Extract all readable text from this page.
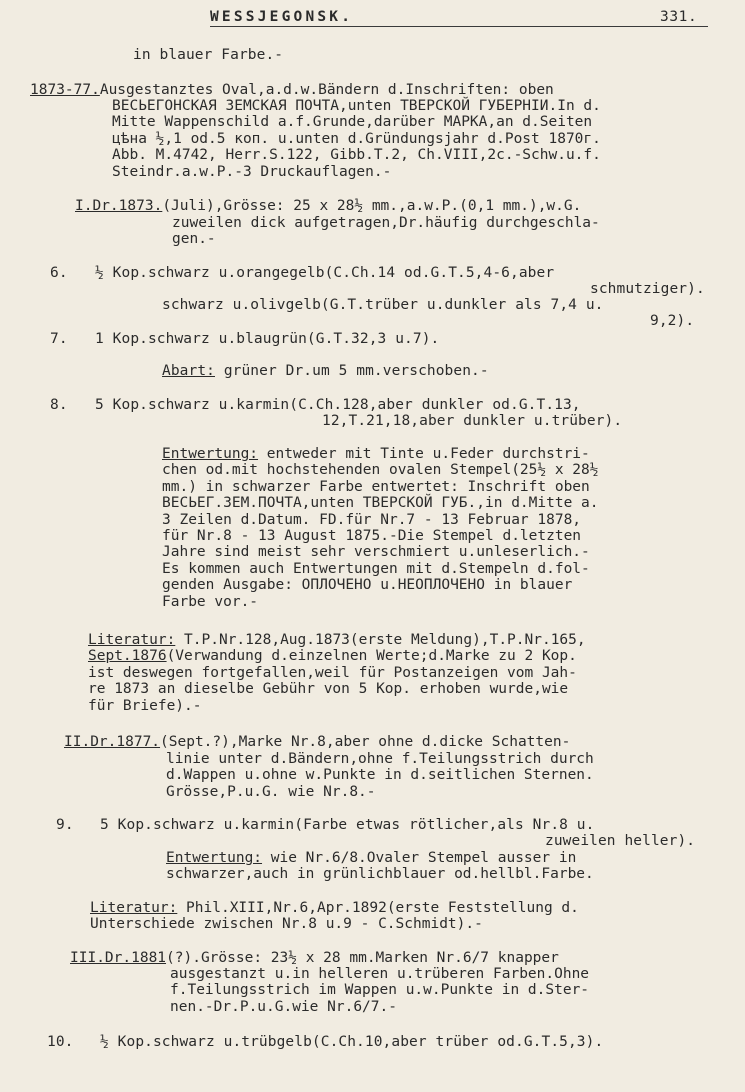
WESSJEGONSK.	331.
in blauer Farbe.-
1873-77.Ausgestanztes Oval,a.d.w.Bändern d.Inschriften: oben
ВЕСЬЕГОНСКАЯ ЗЕМСКАЯ ПОЧТА,unten ТВЕРСКОЙ ГУБЕРНІИ.In d.
Mitte Wappenschild a.f.Grunde,darüber МАРКА,an d.Seiten
цѣна ½,1 od.5 коп. u.unten d.Gründungsjahr d.Post 1870г.
Abb. M.4742, Herr.S.122, Gibb.T.2, Ch.VIII,2c.-Schw.u.f.
Steindr.a.w.P.-3 Druckauflagen.-
I.Dr.1873.(Juli),Grösse: 25 x 28½ mm.,a.w.P.(0,1 mm.),w.G.
zuweilen dick aufgetragen,Dr.häufig durchgeschla-
gen.-
6. ½ Kop.schwarz u.orangegelb(C.Ch.14 od.G.T.5,4-6,aber
schmutziger).
schwarz u.olivgelb(G.T.trüber u.dunkler als 7,4 u.
9,2).
7. 1 Kop.schwarz u.blaugrün(G.T.32,3 u.7).
Abart: grüner Dr.um 5 mm.verschoben.-
8. 5 Kop.schwarz u.karmin(C.Ch.128,aber dunkler od.G.T.13,
12,T.21,18,aber dunkler u.trüber).
Entwertung: entweder mit Tinte u.Feder durchstri-
chen od.mit hochstehenden ovalen Stempel(25½ x 28½
mm.) in schwarzer Farbe entwertet: Inschrift oben
ВЕСЬЕГ.ЗЕМ.ПОЧТА,unten ТВЕРСКОЙ ГУБ.,in d.Mitte a.
3 Zeilen d.Datum. FD.für Nr.7 - 13 Februar 1878,
für Nr.8 - 13 August 1875.-Die Stempel d.letzten
Jahre sind meist sehr verschmiert u.unleserlich.-
Es kommen auch Entwertungen mit d.Stempeln d.fol-
genden Ausgabe: ОПЛОЧЕНО u.НЕОПЛОЧЕНО in blauer
Farbe vor.-
Literatur: T.P.Nr.128,Aug.1873(erste Meldung),T.P.Nr.165,
Sept.1876(Verwandung d.einzelnen Werte;d.Marke zu 2 Kop.
ist deswegen fortgefallen,weil für Postanzeigen vom Jah-
re 1873 an dieselbe Gebühr von 5 Kop. erhoben wurde,wie
für Briefe).-
II.Dr.1877.(Sept.?),Marke Nr.8,aber ohne d.dicke Schatten-
linie unter d.Bändern,ohne f.Teilungsstrich durch
d.Wappen u.ohne w.Punkte in d.seitlichen Sternen.
Grösse,P.u.G. wie Nr.8.-
9. 5 Kop.schwarz u.karmin(Farbe etwas rötlicher,als Nr.8 u.
zuweilen heller).
Entwertung: wie Nr.6/8.Ovaler Stempel ausser in
schwarzer,auch in grünlichblauer od.hellbl.Farbe.
Literatur: Phil.XIII,Nr.6,Apr.1892(erste Feststellung d.
Unterschiede zwischen Nr.8 u.9 - C.Schmidt).-
III.Dr.1881(?).Grösse: 23½ x 28 mm.Marken Nr.6/7 knapper
ausgestanzt u.in helleren u.trüberen Farben.Ohne
f.Teilungsstrich im Wappen u.w.Punkte in d.Ster-
nen.-Dr.P.u.G.wie Nr.6/7.-
10. ½ Kop.schwarz u.trübgelb(C.Ch.10,aber trüber od.G.T.5,3).
